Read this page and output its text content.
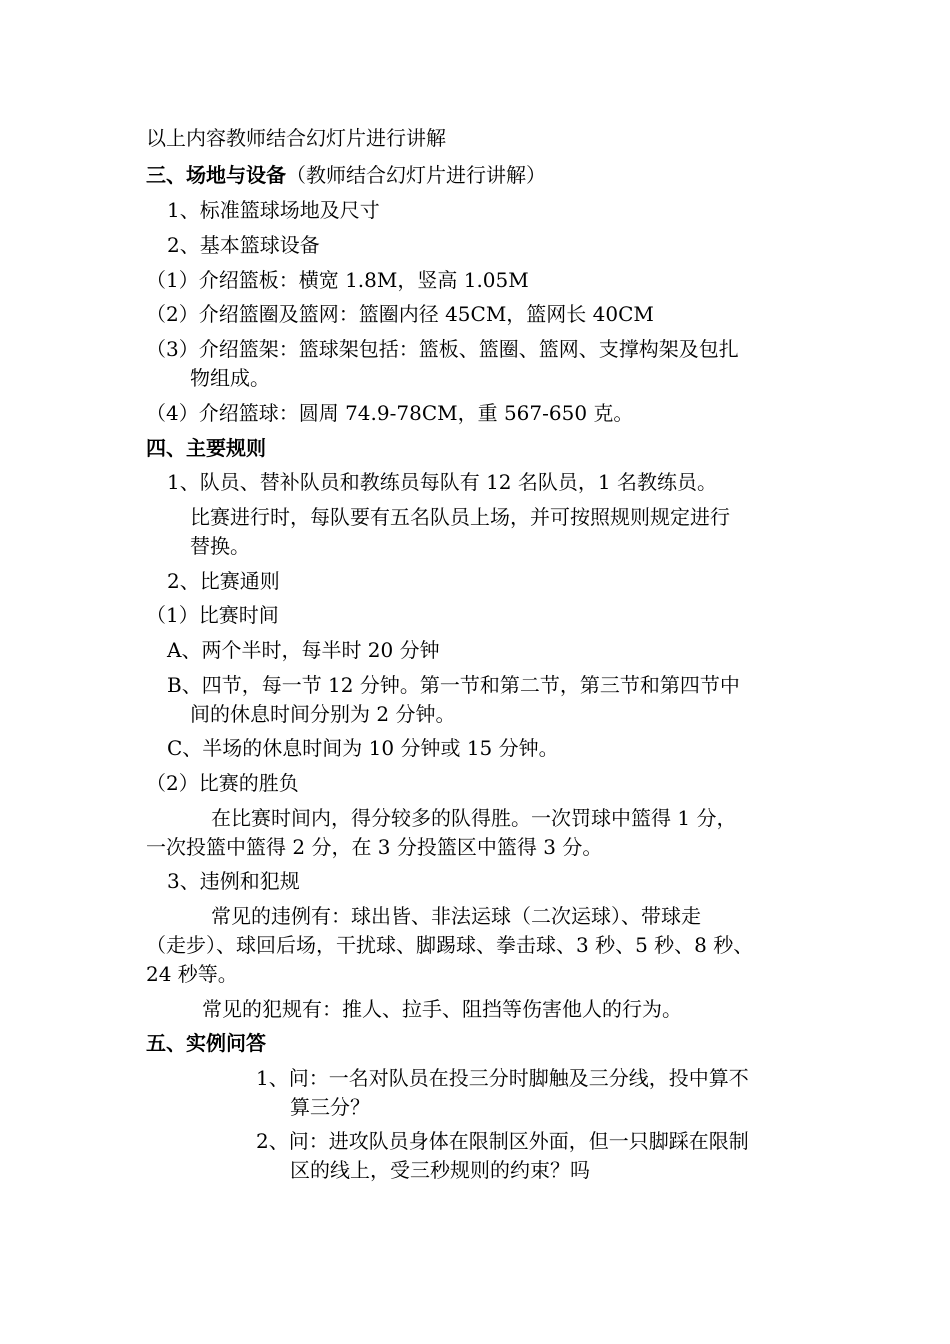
以上内容教师结合幻灯片进行讲解
三、场地与设备（教师结合幻灯片进行讲解）
1、标准篮球场地及尺寸
2、基本篮球设备
（1）介绍篮板：横宽 1.8M，竖高 1.05M
（2）介绍篮圈及篮网：篮圈内径 45CM，篮网长 40CM
（3）介绍篮架：篮球架包括：篮板、篮圈、篮网、支撑构架及包扎
物组成。
（4）介绍篮球：圆周 74.9-78CM，重 567-650 克。
四、主要规则
1、队员、替补队员和教练员每队有 12 名队员，1 名教练员。
比赛进行时，每队要有五名队员上场，并可按照规则规定进行
替换。
2、比赛通则
（1）比赛时间
A、两个半时，每半时 20 分钟
B、四节，每一节 12 分钟。第一节和第二节，第三节和第四节中
间的休息时间分别为 2 分钟。
C、半场的休息时间为 10 分钟或 15 分钟。
（2）比赛的胜负
在比赛时间内，得分较多的队得胜。一次罚球中篮得 1 分，
一次投篮中篮得 2 分，在 3 分投篮区中篮得 3 分。
3、违例和犯规
常见的违例有：球出皆、非法运球（二次运球）、带球走
（走步）、球回后场，干扰球、脚踢球、拳击球、3 秒、5 秒、8 秒、
24 秒等。
常见的犯规有：推人、拉手、阻挡等伤害他人的行为。
五、实例问答
1、问：一名对队员在投三分时脚触及三分线，投中算不
算三分？
2、问：进攻队员身体在限制区外面，但一只脚踩在限制
区的线上，受三秒规则的约束？吗
